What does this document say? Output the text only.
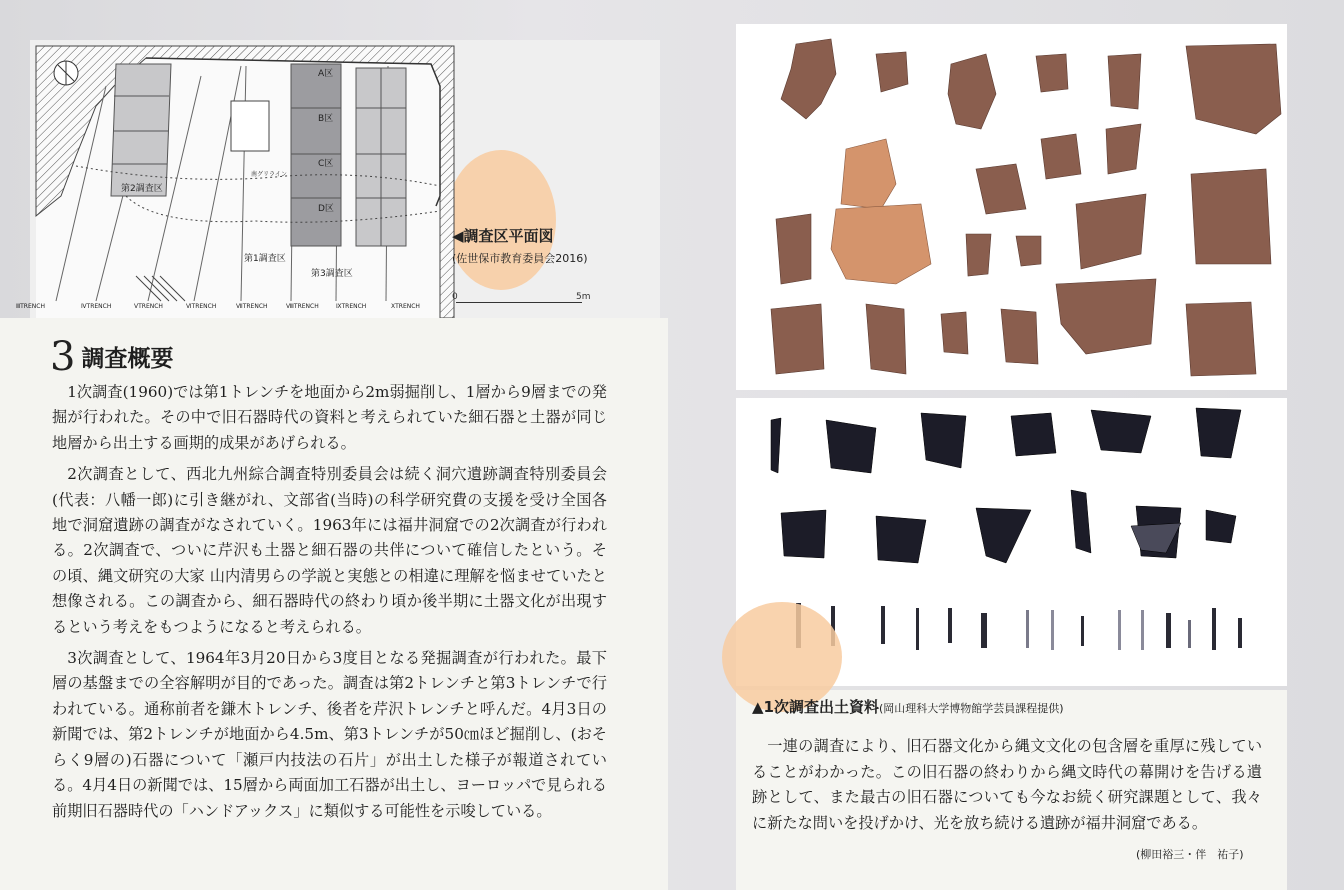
A区
B区
C区
D区
第2調査区
第1調査区
第3調査区
南グリライン
ⅢTRENCH	ⅣTRENCH	ⅤTRENCH	ⅥTRENCH	ⅦTRENCH	ⅧTRENCH	ⅨTRENCH	ⅩTRENCH
◀調査区平面図
(佐世保市教育委員会2016)
0	5m
3 調査概要

1次調査(1960)では第1トレンチを地面から2m弱掘削し、1層から9層までの発掘が行われた。その中で旧石器時代の資料と考えられていた細石器と土器が同じ地層から出土する画期的成果があげられる。

2次調査として、西北九州綜合調査特別委員会は続く洞穴遺跡調査特別委員会(代表：八幡一郎)に引き継がれ、文部省(当時)の科学研究費の支援を受け全国各地で洞窟遺跡の調査がなされていく。1963年には福井洞窟での2次調査が行われる。2次調査で、ついに芹沢も土器と細石器の共伴について確信したという。その頃、縄文研究の大家 山内清男らの学説と実態との相違に理解を悩ませていたと想像される。この調査から、細石器時代の終わり頃か後半期に土器文化が出現するという考えをもつようになると考えられる。

3次調査として、1964年3月20日から3度目となる発掘調査が行われた。最下層の基盤までの全容解明が目的であった。調査は第2トレンチと第3トレンチで行われている。通称前者を鎌木トレンチ、後者を芹沢トレンチと呼んだ。4月3日の新聞では、第2トレンチが地面から4.5m、第3トレンチが50㎝ほど掘削し、(おそらく9層の)石器について「瀬戸内技法の石片」が出土した様子が報道されている。4月4日の新聞では、15層から両面加工石器が出土し、ヨーロッパで見られる前期旧石器時代の「ハンドアックス」に類似する可能性を示唆している。

▲1次調査出土資料(岡山理科大学博物館学芸員課程提供)
一連の調査により、旧石器文化から縄文文化の包含層を重厚に残していることがわかった。この旧石器の終わりから縄文時代の幕開けを告げる遺跡として、また最古の旧石器についても今なお続く研究課題として、我々に新たな問いを投げかけ、光を放ち続ける遺跡が福井洞窟である。
(柳田裕三・伴　祐子)
